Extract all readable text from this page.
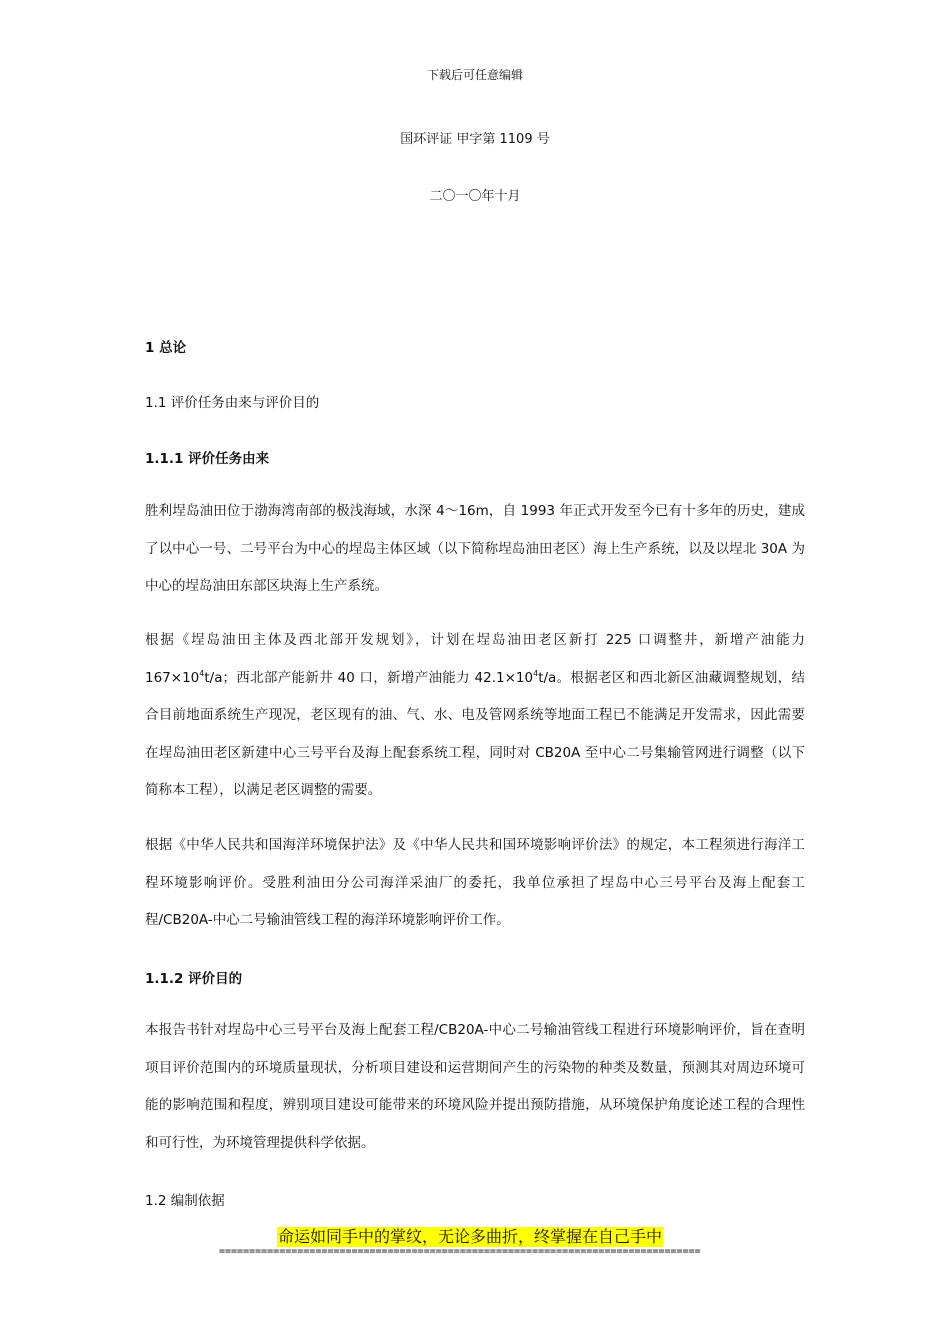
下载后可任意编辑
国环评证 甲字第 1109 号
二〇一〇年十月
1 总论
1.1 评价任务由来与评价目的
1.1.1 评价任务由来

胜利埕岛油田位于渤海湾南部的极浅海域，水深 4～16m，自 1993 年正式开发至今已有十多年的历史，建成了以中心一号、二号平台为中心的埕岛主体区域（以下简称埕岛油田老区）海上生产系统，以及以埕北 30A 为中心的埕岛油田东部区块海上生产系统。

根据《埕岛油田主体及西北部开发规划》，计划在埕岛油田老区新打 225 口调整井，新增产油能力 $167\times 10^4t/a$；西北部产能新井 40 口，新增产油能力 $42.1\times 10^4t/a$。根据老区和西北新区油藏调整规划，结合目前地面系统生产现况，老区现有的油、气、水、电及管网系统等地面工程已不能满足开发需求，因此需要在埕岛油田老区新建中心三号平台及海上配套系统工程，同时对 CB20A 至中心二号集输管网进行调整（以下简称本工程），以满足老区调整的需要。

根据《中华人民共和国海洋环境保护法》及《中华人民共和国环境影响评价法》的规定，本工程须进行海洋工程环境影响评价。受胜利油田分公司海洋采油厂的委托，我单位承担了埕岛中心三号平台及海上配套工程/CB20A-中心二号输油管线工程的海洋环境影响评价工作。

1.1.2 评价目的

本报告书针对埕岛中心三号平台及海上配套工程/CB20A-中心二号输油管线工程进行环境影响评价，旨在查明项目评价范围内的环境质量现状，分析项目建设和运营期间产生的污染物的种类及数量，预测其对周边环境可能的影响范围和程度，辨别项目建设可能带来的环境风险并提出预防措施，从环境保护角度论述工程的合理性和可行性，为环境管理提供科学依据。

1.2 编制依据
命运如同手中的掌纹，无论多曲折，终掌握在自己手中
================================================================================
